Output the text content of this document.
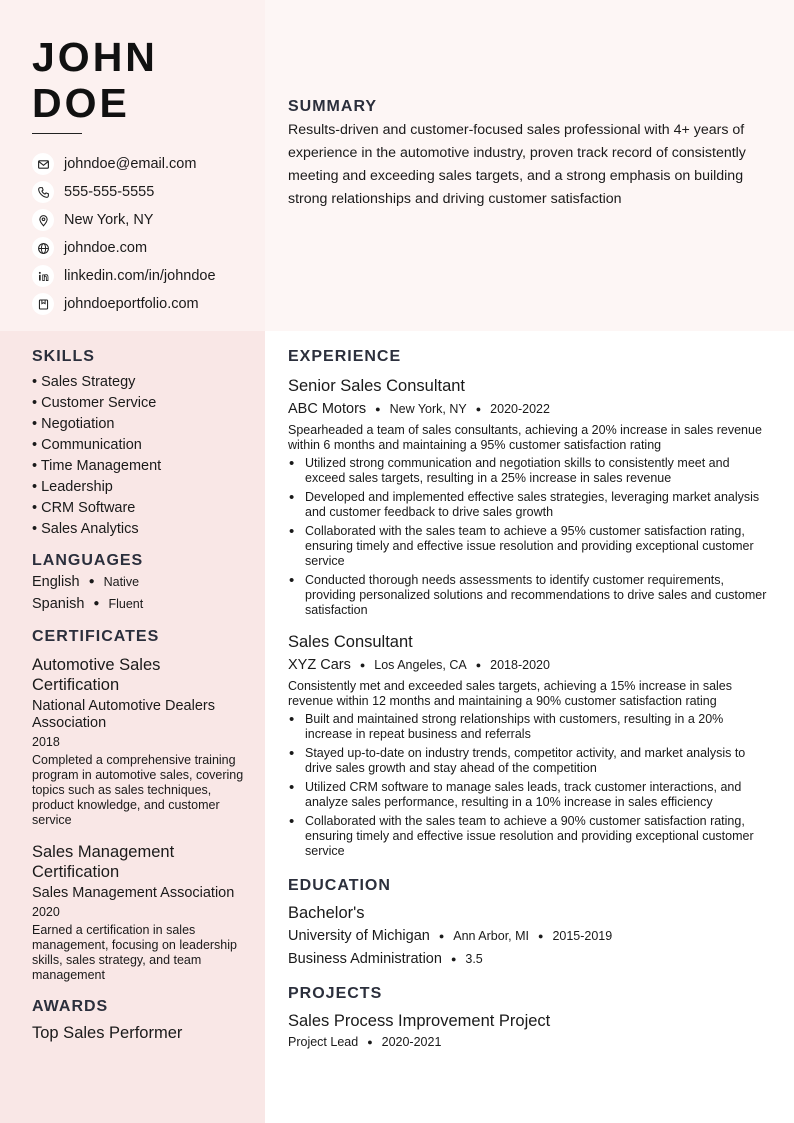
JOHN
DOE
johndoe@email.com
555-555-5555
New York, NY
johndoe.com
linkedin.com/in/johndoe
johndoeportfolio.com
SUMMARY

Results-driven and customer-focused sales professional with 4+ years of experience in the automotive industry, proven track record of consistently meeting and exceeding sales targets, and a strong emphasis on building strong relationships and driving customer satisfaction

SKILLS
• Sales Strategy
• Customer Service
• Negotiation
• Communication
• Time Management
• Leadership
• CRM Software
• Sales Analytics
LANGUAGES
English ● Native
Spanish ● Fluent
CERTIFICATES
Automotive Sales Certification
National Automotive Dealers Association
2018
Completed a comprehensive training program in automotive sales, covering topics such as sales techniques, product knowledge, and customer service
Sales Management Certification
Sales Management Association
2020
Earned a certification in sales management, focusing on leadership skills, sales strategy, and team management
AWARDS
Top Sales Performer
EXPERIENCE
Senior Sales Consultant
ABC Motors ● New York, NY ● 2020-2022
Spearheaded a team of sales consultants, achieving a 20% increase in sales revenue within 6 months and maintaining a 95% customer satisfaction rating
• Utilized strong communication and negotiation skills to consistently meet and exceed sales targets, resulting in a 25% increase in sales revenue
• Developed and implemented effective sales strategies, leveraging market analysis and customer feedback to drive sales growth
• Collaborated with the sales team to achieve a 95% customer satisfaction rating, ensuring timely and effective issue resolution and providing exceptional customer service
• Conducted thorough needs assessments to identify customer requirements, providing personalized solutions and recommendations to drive sales and customer satisfaction
Sales Consultant
XYZ Cars ● Los Angeles, CA ● 2018-2020
Consistently met and exceeded sales targets, achieving a 15% increase in sales revenue within 12 months and maintaining a 90% customer satisfaction rating
• Built and maintained strong relationships with customers, resulting in a 20% increase in repeat business and referrals
• Stayed up-to-date on industry trends, competitor activity, and market analysis to drive sales growth and stay ahead of the competition
• Utilized CRM software to manage sales leads, track customer interactions, and analyze sales performance, resulting in a 10% increase in sales efficiency
• Collaborated with the sales team to achieve a 90% customer satisfaction rating, ensuring timely and effective issue resolution and providing exceptional customer service
EDUCATION
Bachelor's
University of Michigan ● Ann Arbor, MI ● 2015-2019
Business Administration ● 3.5
PROJECTS
Sales Process Improvement Project
Project Lead ● 2020-2021
